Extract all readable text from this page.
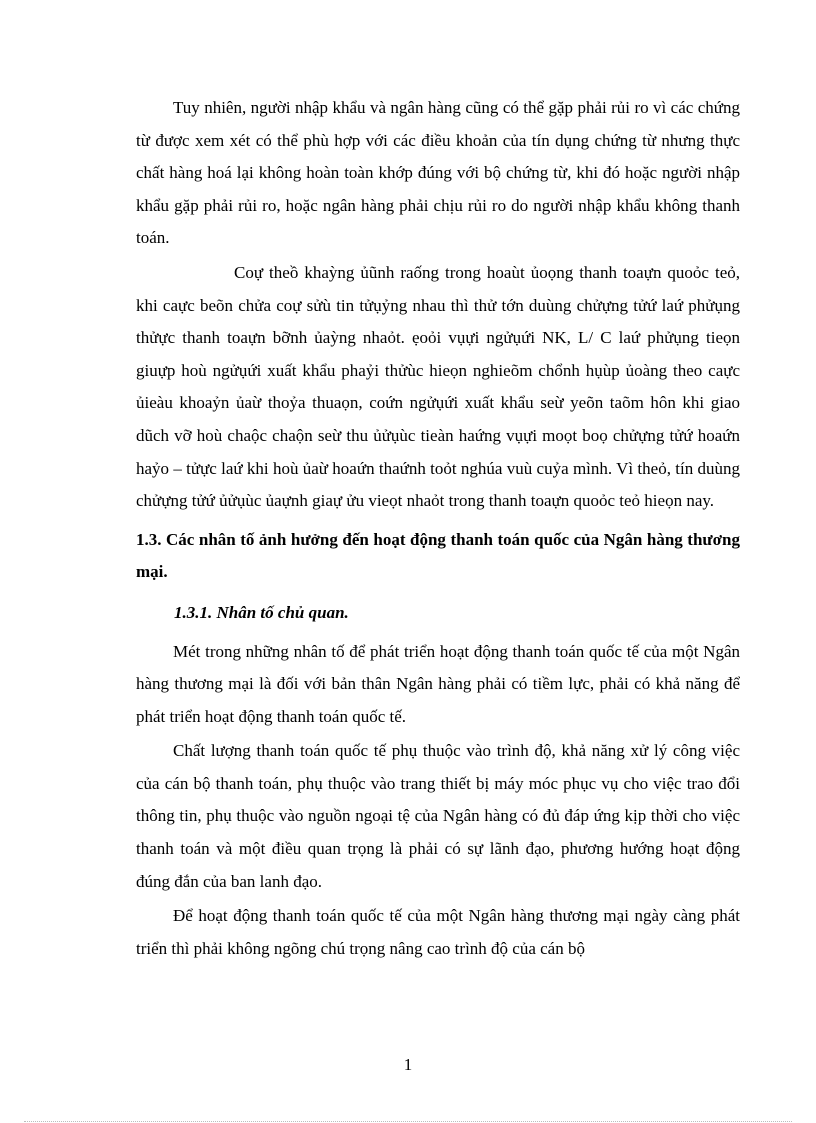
Tuy nhiên, người nhập khẩu và ngân hàng cũng có thể gặp phải rủi ro vì các chứng từ được xem xét có thể phù hợp với các điều khoản của tín dụng chứng từ nhưng thực chất hàng hoá lại không hoàn toàn khớp đúng với bộ chứng từ, khi đó hoặc người nhập khẩu gặp phải rủi ro, hoặc ngân hàng phải chịu rủi ro do người nhập khẩu không thanh toán.

Coự theồ khaỳng ủũnh raống trong hoaùt ủoọng thanh toaựn quoỏc teỏ, khi caực beõn chửa coự sửù tin tửụỷng nhau thì thử tớn duùng chửựng tửứ laứ phửụng thửực thanh toaựn bỡnh ủaỳng nhaỏt. ẹoỏi vụựi ngửụứi NK, L/ C laứ phửụng tieọn giuựp hoù ngửụứi xuất khẩu phaỷi thửùc hieọn nghieõm chổnh hụùp ủoàng theo caực ủieàu khoaỷn ủaừ thoỷa thuaọn, coứn ngửụứi xuất khẩu seừ yeõn taõm hôn khi giao dũch vỡ hoù chaộc chaộn seừ thu ủửụùc tieàn haứng vụựi moọt boọ chửựng tửứ hoaứn haỷo – tửực laứ khi hoù ủaừ hoaứn thaứnh toỏt nghúa vuù cuỷa mình. Vì theỏ, tín duùng chửựng tửứ ủửụùc ủaựnh giaự ửu vieọt nhaỏt trong thanh toaựn quoỏc teỏ hieọn nay.

1.3. Các nhân tố ảnh hưởng đến hoạt động thanh toán quốc của Ngân hàng thương mại.
1.3.1. Nhân tố chủ quan.

Mét trong những nhân tố để phát triển hoạt động thanh toán quốc tế của một Ngân hàng thương mại là đối với bản thân Ngân hàng phải có tiềm lực, phải có khả năng để phát triển hoạt động thanh toán quốc tế.

Chất lượng thanh toán quốc tế phụ thuộc vào trình độ, khả năng xử lý công việc của cán bộ thanh toán, phụ thuộc vào trang thiết bị máy móc phục vụ cho việc trao đổi thông tin, phụ thuộc vào nguồn ngoại tệ của Ngân hàng có đủ đáp ứng kịp thời cho việc thanh toán và một điều quan trọng là phải có sự lãnh đạo, phương hướng hoạt động đúng đắn của ban lanh đạo.

Để hoạt động thanh toán quốc tế của một Ngân hàng thương mại ngày càng phát triển thì phải không ngõng chú trọng nâng cao trình độ của cán bộ

1
